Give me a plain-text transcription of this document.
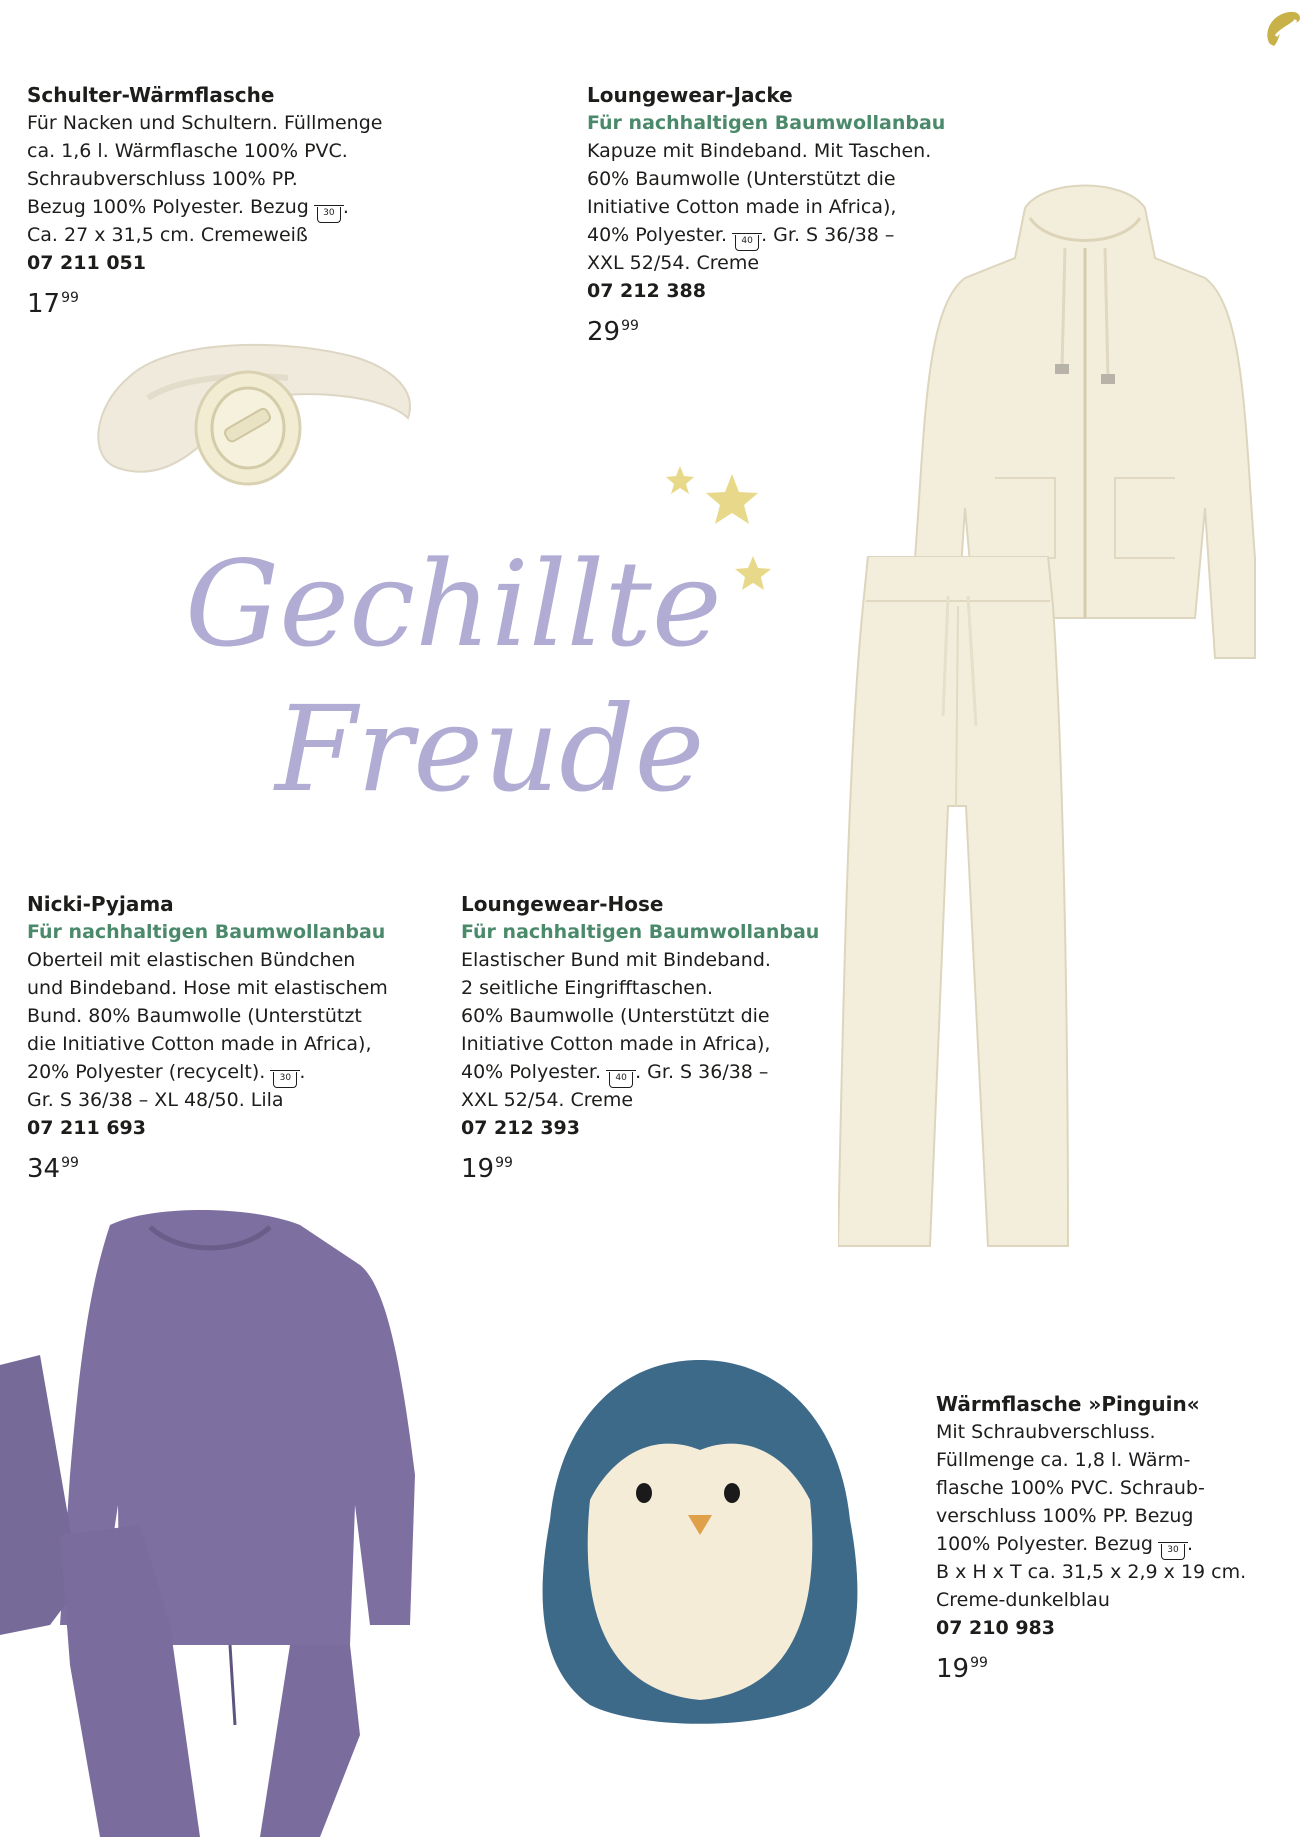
Schulter-Wärmflasche
Für Nacken und Schultern. Füllmenge
ca. 1,6 l. Wärmflasche 100% PVC.
Schraubverschluss 100% PP.
Bezug 100% Polyester. Bezug 30 .
Ca. 27 x 31,5 cm. Cremeweiß
07 211 051
$17^{99}$
Loungewear-Jacke
Für nachhaltigen Baumwollanbau
Kapuze mit Bindeband. Mit Taschen.
60% Baumwolle (Unterstützt die
Initiative Cotton made in Africa),
40% Polyester. 40 . Gr. S 36/38 –
XXL 52/54. Creme
07 212 388
$29^{99}$
Gechillte
Freude
Nicki-Pyjama
Für nachhaltigen Baumwollanbau
Oberteil mit elastischen Bündchen
und Bindeband. Hose mit elastischem
Bund. 80% Baumwolle (Unterstützt
die Initiative Cotton made in Africa),
20% Polyester (recycelt). 30 .
Gr. S 36/38 – XL 48/50. Lila
07 211 693
$34^{99}$
Loungewear-Hose
Für nachhaltigen Baumwollanbau
Elastischer Bund mit Bindeband.
2 seitliche Eingrifftaschen.
60% Baumwolle (Unterstützt die
Initiative Cotton made in Africa),
40% Polyester. 40 . Gr. S 36/38 –
XXL 52/54. Creme
07 212 393
$19^{99}$
Wärmflasche »Pinguin«
Mit Schraubverschluss.
Füllmenge ca. 1,8 l. Wärm-
flasche 100% PVC. Schraub-
verschluss 100% PP. Bezug
100% Polyester. Bezug 30 .
B x H x T ca. 31,5 x 2,9 x 19 cm.
Creme-dunkelblau
07 210 983
$19^{99}$
